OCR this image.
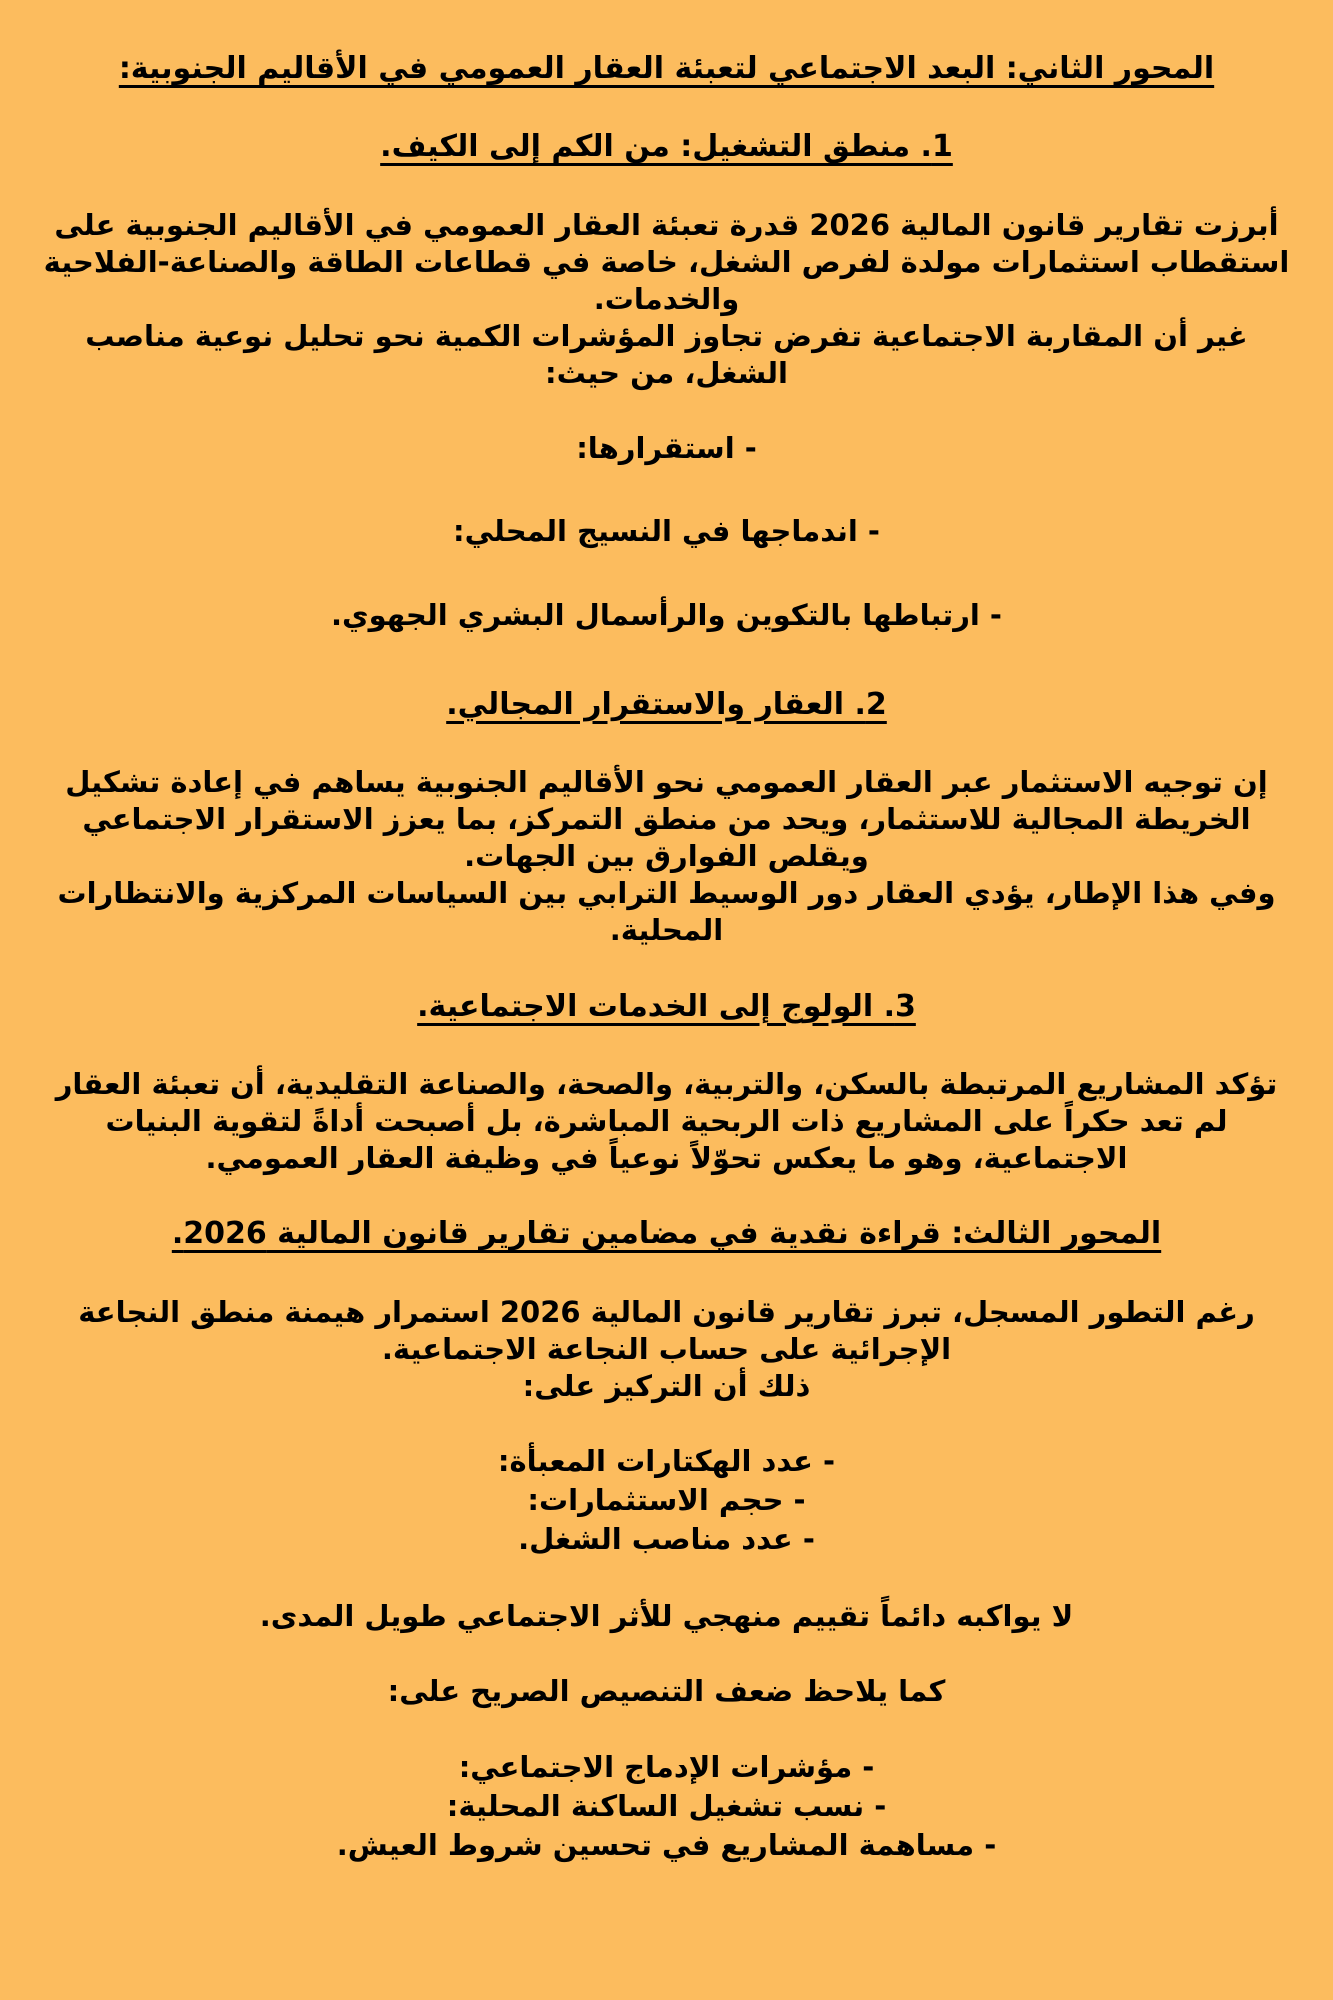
المحور الثاني: البعد الاجتماعي لتعبئة العقار العمومي في الأقاليم الجنوبية:
1. منطق التشغيل: من الكم إلى الكيف.
أبرزت تقارير قانون المالية 2026 قدرة تعبئة العقار العمومي في الأقاليم الجنوبية على استقطاب استثمارات مولدة لفرص الشغل، خاصة في قطاعات الطاقة والصناعة-الفلاحية والخدمات.
غير أن المقاربة الاجتماعية تفرض تجاوز المؤشرات الكمية نحو تحليل نوعية مناصب الشغل، من حيث:
- استقرارها:
- اندماجها في النسيج المحلي:
- ارتباطها بالتكوين والرأسمال البشري الجهوي.
2. العقار والاستقرار المجالي.
إن توجيه الاستثمار عبر العقار العمومي نحو الأقاليم الجنوبية يساهم في إعادة تشكيل الخريطة المجالية للاستثمار، ويحد من منطق التمركز، بما يعزز الاستقرار الاجتماعي ويقلص الفوارق بين الجهات.
وفي هذا الإطار، يؤدي العقار دور الوسيط الترابي بين السياسات المركزية والانتظارات المحلية.
3. الولوج إلى الخدمات الاجتماعية.
تؤكد المشاريع المرتبطة بالسكن، والتربية، والصحة، والصناعة التقليدية، أن تعبئة العقار لم تعد حكراً على المشاريع ذات الربحية المباشرة، بل أصبحت أداةً لتقوية البنيات الاجتماعية، وهو ما يعكس تحوّلاً نوعياً في وظيفة العقار العمومي.
المحور الثالث: قراءة نقدية في مضامين تقارير قانون المالية 2026.
رغم التطور المسجل، تبرز تقارير قانون المالية 2026 استمرار هيمنة منطق النجاعة الإجرائية على حساب النجاعة الاجتماعية.
ذلك أن التركيز على:
- عدد الهكتارات المعبأة:
- حجم الاستثمارات:
- عدد مناصب الشغل.
لا يواكبه دائماً تقييم منهجي للأثر الاجتماعي طويل المدى.
كما يلاحظ ضعف التنصيص الصريح على:
- مؤشرات الإدماج الاجتماعي:
- نسب تشغيل الساكنة المحلية:
- مساهمة المشاريع في تحسين شروط العيش.
